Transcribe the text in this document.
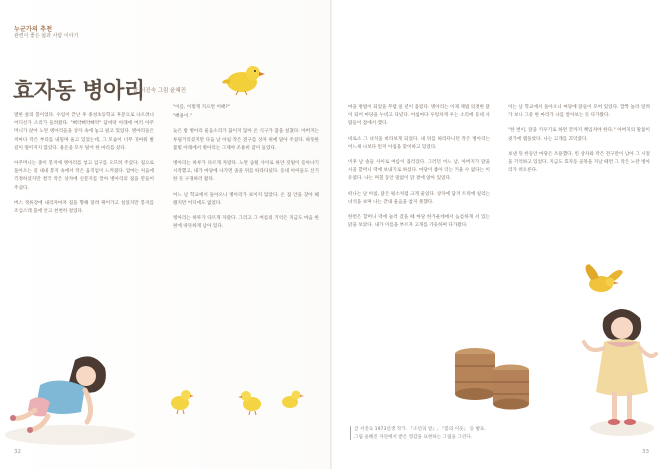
누군가의 추천
관련이 좋은 삶과 사람 이야기
효자동 병아리
글 서진숙 그림 윤혜진

열한 살의 봄이었다. 수업이 끝난 후 종성초등학교 후문으로 나오려니 어디선가 소리가 들려왔다. "삐약삐약삐약" 담벼락 아래에 여러 아주머니가 앉아 노란 병아리들을 상자 속에 놓고 팔고 있었다. 병아리들은 저마다 작은 부리를 내밀며 울고 있었는데, 그 모습이 너무 귀여워 발길이 떨어지지 않았다. 용돈을 모두 털어 한 마리를 샀다.

아주머니는 종이 봉지에 병아리를 넣고 입구를 오므려 주셨다. 집으로 돌아오는 길 내내 봉지 속에서 작은 움직임이 느껴졌다. 엄마는 처음에 걱정하셨지만 결국 작은 상자에 신문지를 깔아 병아리의 집을 만들어 주셨다.

버스 정류장에 내리자마자 집을 향해 달려 뛰어가고 싶었지만 봉지를 조심스레 품에 안고 천천히 걸었다.

"이름, 이렇게 지으면 어때?"

"삐용이."

늦은 밤 병아리 울음소리가 끊이지 않아 온 식구가 잠을 설쳤다. 아버지는 투덜거리셨지만 다음 날 아침 작은 전구를 상자 위에 달아 주셨다. 따뜻한 불빛 아래에서 병아리는 그제야 조용히 잠이 들었다.

병아리는 하루가 다르게 자랐다. 노란 솜털 사이로 하얀 깃털이 돋아나기 시작했고, 내가 마당에 나가면 졸졸 뒤를 따라다녔다. 동네 아이들도 신기한 듯 구경하러 왔다.

어느 날 학교에서 돌아오니 병아리가 보이지 않았다. 온 집 안을 찾아 헤맸지만 어디에도 없었다.

병아리는 하루가 다르게 자랐다. 그리고 그 여름의 기억은 지금도 마음 한편에 따뜻하게 남아 있다.

32

마을 방범이 되었을 무렵 일 년이 흘렀다. 병아리는 이제 제법 의젓한 닭이 되어 마당을 누비고 다녔다. 아침마다 우렁차게 우는 소리에 동네 사람들이 잠에서 깼다.

비로소 그 녀석을 바라보게 되었다. 내 뒤를 따라다니던 작은 병아리는 어느새 나보다 먼저 아침을 맞이하고 있었다.

이후 날 솔들 사이로 여름이 흘러갔다. 그러던 어느 날, 아버지가 닭을 시골 할머니 댁에 보내기로 하셨다. 마당이 좁아 더는 키울 수 없다는 이유였다. 나는 며칠 동안 말없이 닭 곁에 앉아 있었다.

떠나는 날 아침, 닭은 평소처럼 크게 울었다. 상자에 담겨 트럭에 실리는 녀석을 보며 나는 끝내 울음을 참지 못했다.

한번은 할머니 댁에 놀러 갔을 때 마당 한가운데에서 늠름하게 서 있는 닭을 보았다. 내가 이름을 부르자 고개를 갸웃하며 다가왔다.

이는 날 학교에서 돌아오니 마당에 닭들이 모여 있었다. 깜짝 놀라 달려가 보니 그중 한 마리가 나를 알아보는 듯 다가왔다.

"한 번이, 닭을 키우기로 하면 끝까지 책임져야 한다." 아버지의 말씀이 귓가에 맴돌았다. 나는 고개를 끄덕였다.

보낸 뒤 한동안 마당은 조용했다. 빈 상자와 작은 전구만이 남아 그 시절을 기억하고 있었다. 지금도 효자동 골목을 지날 때면 그 작은 노란 병아리가 떠오른다.

33
글 서진숙 1973년생 작가. 『소년의 달』, 『봄의 이웃』 등 발표.
그림 윤혜진 자연에서 받은 영감을 표현하는 그림을 그린다.
